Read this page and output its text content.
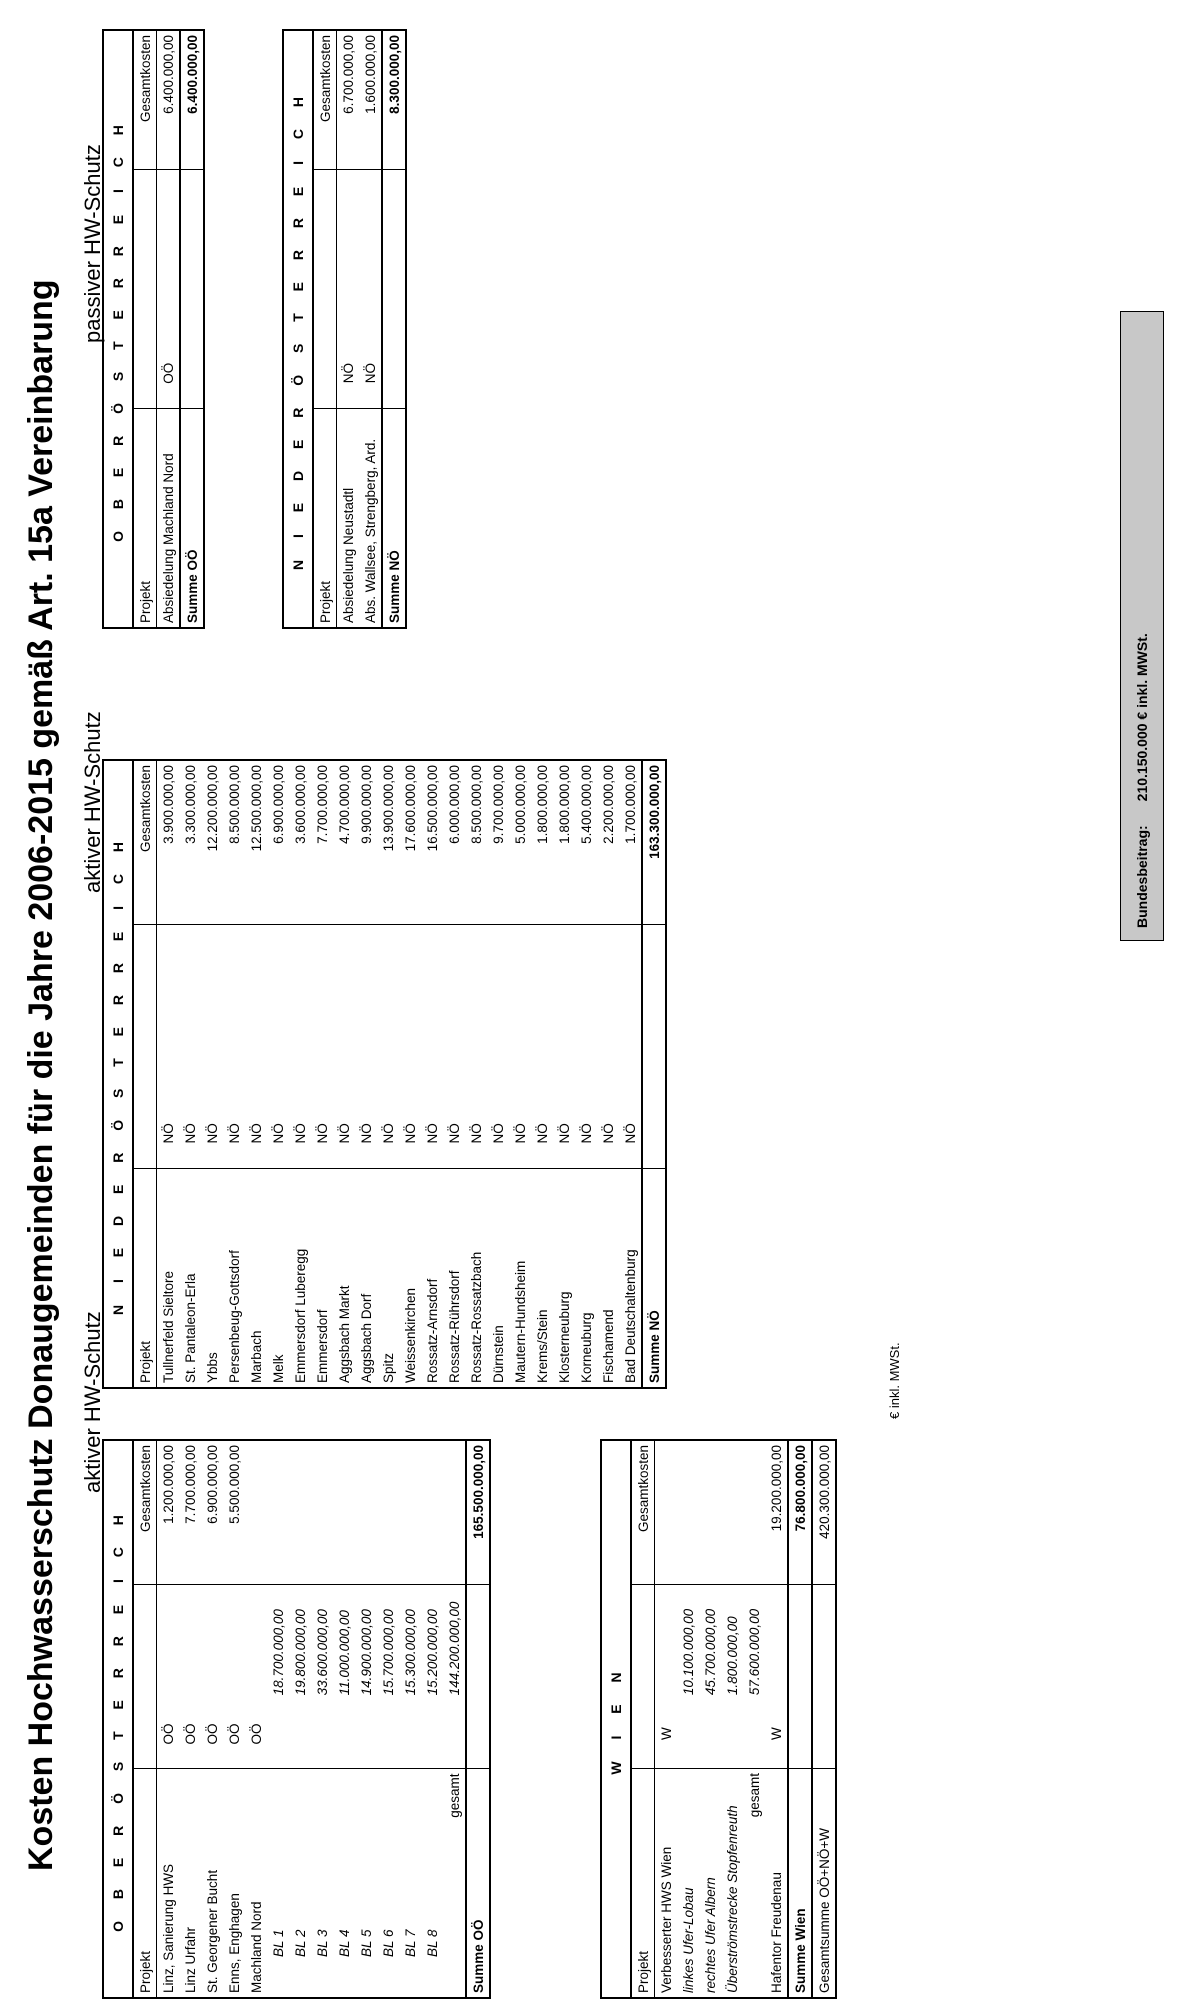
Kosten Hochwasserschutz Donaugemeinden für die Jahre 2006-2015 gemäß Art. 15a Vereinbarung aktiver HW-Schutz
aktiver HW-Schutz
passiver HW-Schutz
O B E R Ö S T E R R E I C H			
Projekt			Gesamtkosten
Linz, Sanierung HWS	OÖ		1.200.000,00
Linz Urfahr	OÖ		7.700.000,00
St. Georgener Bucht	OÖ		6.900.000,00
Enns, Enghagen	OÖ		5.500.000,00
Machland Nord	OÖ		
BL 1		18.700.000,00	
BL 2		19.800.000,00	
BL 3		33.600.000,00	
BL 4		11.000.000,00	
BL 5		14.900.000,00	
BL 6		15.700.000,00	
BL 7		15.300.000,00	
BL 8		15.200.000,00	
gesamt		144.200.000,00	
Summe OÖ			165.500.000,00
W I E N			
Projekt			Gesamtkosten
Verbesserter HWS Wien	W		
linkes Ufer-Lobau		10.100.000,00	
rechtes Ufer Albern		45.700.000,00	
Überströmstrecke Stopfenreuth		1.800.000,00	
gesamt		57.600.000,00	
Hafentor Freudenau	W		19.200.000,00
Summe Wien			76.800.000,00
Gesamtsumme OÖ+NÖ+W			420.300.000,00
€ inkl. MWSt.
N I E D E R Ö S T E R R E I C H			
Projekt			Gesamtkosten
Tullnerfeld Sieltore	NÖ		3.900.000,00
St. Pantaleon-Erla	NÖ		3.300.000,00
Ybbs	NÖ		12.200.000,00
Persenbeug-Gottsdorf	NÖ		8.500.000,00
Marbach	NÖ		12.500.000,00
Melk	NÖ		6.900.000,00
Emmersdorf Luberegg	NÖ		3.600.000,00
Emmersdorf	NÖ		7.700.000,00
Aggsbach Markt	NÖ		4.700.000,00
Aggsbach Dorf	NÖ		9.900.000,00
Spitz	NÖ		13.900.000,00
Weissenkirchen	NÖ		17.600.000,00
Rossatz-Arnsdorf	NÖ		16.500.000,00
Rossatz-Rührsdorf	NÖ		6.000.000,00
Rossatz-Rossatzbach	NÖ		8.500.000,00
Dürnstein	NÖ		9.700.000,00
Mautern-Hundsheim	NÖ		5.000.000,00
Krems/Stein	NÖ		1.800.000,00
Klosterneuburg	NÖ		1.800.000,00
Korneuburg	NÖ		5.400.000,00
Fischamend	NÖ		2.200.000,00
Bad Deutschaltenburg	NÖ		1.700.000,00
Summe NÖ			163.300.000,00
O B E R Ö S T E R R E I C H			
Projekt			Gesamtkosten
Absiedelung Machland Nord	OÖ		6.400.000,00
Summe OÖ			6.400.000,00
N I E D E R Ö S T E R R E I C H			
Projekt			Gesamtkosten
Absiedelung Neustadtl	NÖ		6.700.000,00
Abs. Wallsee, Strengberg, Ard.	NÖ		1.600.000,00
Summe NÖ			8.300.000,00
Bundesbeitrag:
210.150.000 € inkl. MWSt.
